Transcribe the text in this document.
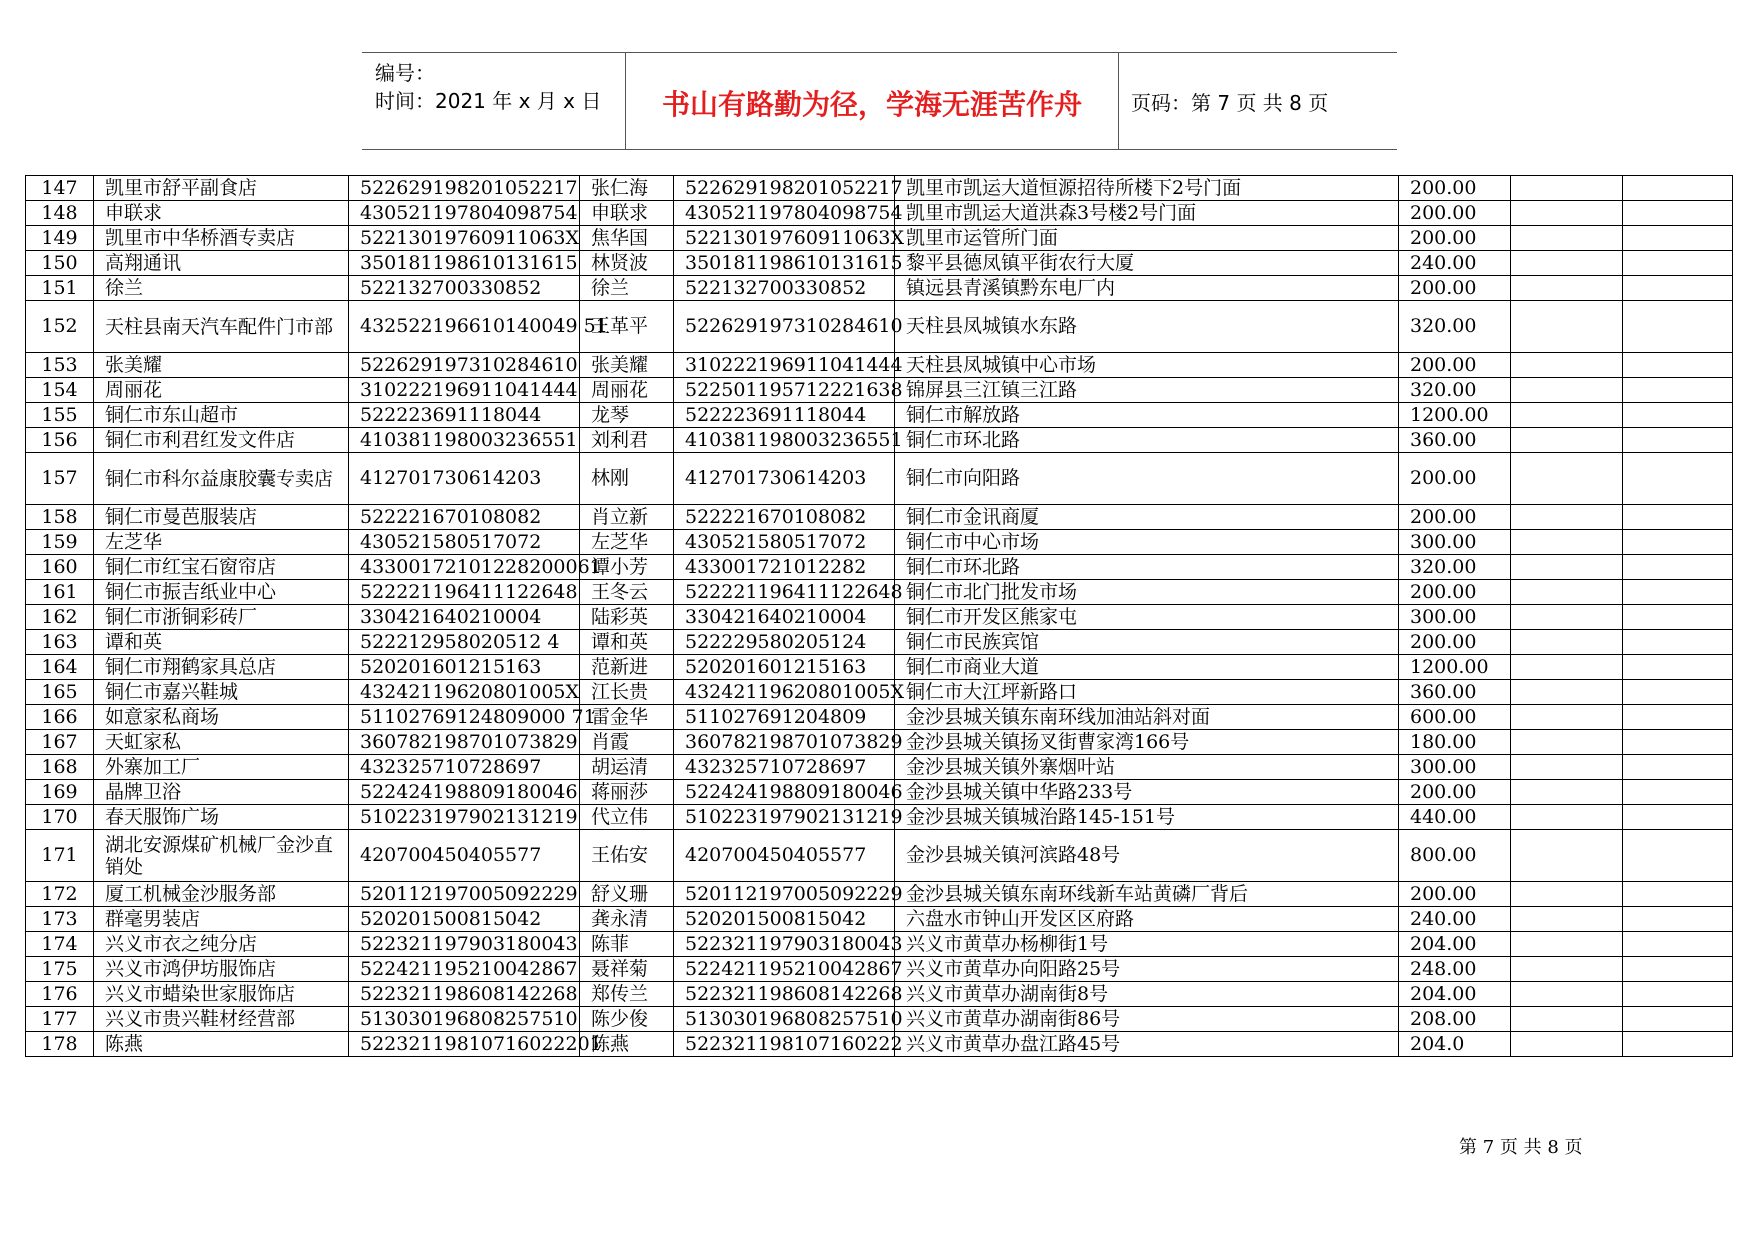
编号：
时间：2021 年 x 月 x 日	书山有路勤为径，学海无涯苦作舟	页码：第 7 页 共 8 页
147	凯里市舒平副食店	522629198201052217	张仁海	522629198201052217	凯里市凯运大道恒源招待所楼下2号门面	200.00		
148	申联求	430521197804098754	申联求	430521197804098754	凯里市凯运大道洪森3号楼2号门面	200.00		
149	凯里市中华桥酒专卖店	52213019760911063X	焦华国	52213019760911063X	凯里市运管所门面	200.00		
150	高翔通讯	350181198610131615	林贤波	350181198610131615	黎平县德凤镇平街农行大厦	240.00		
151	徐兰	522132700330852	徐兰	522132700330852	镇远县青溪镇黔东电厂内	200.00		
152	天柱县南天汽车配件门市部	432522196610140049 51	王革平	522629197310284610	天柱县凤城镇水东路	320.00		
153	张美耀	522629197310284610	张美耀	310222196911041444	天柱县凤城镇中心市场	200.00		
154	周丽花	310222196911041444	周丽花	522501195712221638	锦屏县三江镇三江路	320.00		
155	铜仁市东山超市	522223691118044	龙琴	522223691118044	铜仁市解放路	1200.00		
156	铜仁市利君红发文件店	410381198003236551	刘利君	410381198003236551	铜仁市环北路	360.00		
157	铜仁市科尔益康胶囊专卖店	412701730614203	林刚	412701730614203	铜仁市向阳路	200.00		
158	铜仁市曼芭服装店	522221670108082	肖立新	522221670108082	铜仁市金讯商厦	200.00		
159	左芝华	430521580517072	左芝华	430521580517072	铜仁市中心市场	300.00		
160	铜仁市红宝石窗帘店	43300172101228200061	谭小芳	433001721012282	铜仁市环北路	320.00		
161	铜仁市振吉纸业中心	522221196411122648	王冬云	522221196411122648	铜仁市北门批发市场	200.00		
162	铜仁市浙铜彩砖厂	330421640210004	陆彩英	330421640210004	铜仁市开发区熊家屯	300.00		
163	谭和英	522212958020512 4	谭和英	522229580205124	铜仁市民族宾馆	200.00		
164	铜仁市翔鹤家具总店	520201601215163	范新进	520201601215163	铜仁市商业大道	1200.00		
165	铜仁市嘉兴鞋城	43242119620801005X	江长贵	43242119620801005X	铜仁市大江坪新路口	360.00		
166	如意家私商场	51102769124809000 71	雷金华	511027691204809	金沙县城关镇东南环线加油站斜对面	600.00		
167	天虹家私	360782198701073829	肖霞	360782198701073829	金沙县城关镇扬叉街曹家湾166号	180.00		
168	外寨加工厂	432325710728697	胡运清	432325710728697	金沙县城关镇外寨烟叶站	300.00		
169	晶牌卫浴	522424198809180046	蒋丽莎	522424198809180046	金沙县城关镇中华路233号	200.00		
170	春天服饰广场	510223197902131219	代立伟	510223197902131219	金沙县城关镇城治路145-151号	440.00		
171	湖北安源煤矿机械厂金沙直销处	420700450405577	王佑安	420700450405577	金沙县城关镇河滨路48号	800.00		
172	厦工机械金沙服务部	520112197005092229	舒义珊	520112197005092229	金沙县城关镇东南环线新车站黄磷厂背后	200.00		
173	群毫男装店	520201500815042	龚永清	520201500815042	六盘水市钟山开发区区府路	240.00		
174	兴义市衣之纯分店	522321197903180043	陈菲	522321197903180043	兴义市黄草办杨柳街1号	204.00		
175	兴义市鸿伊坊服饰店	522421195210042867	聂祥菊	522421195210042867	兴义市黄草办向阳路25号	248.00		
176	兴义市蜡染世家服饰店	522321198608142268	郑传兰	522321198608142268	兴义市黄草办湖南街8号	204.00		
177	兴义市贵兴鞋材经营部	513030196808257510	陈少俊	513030196808257510	兴义市黄草办湖南街86号	208.00		
178	陈燕	52232119810716022201	陈燕	522321198107160222	兴义市黄草办盘江路45号	204.0		
第 7 页 共 8 页
